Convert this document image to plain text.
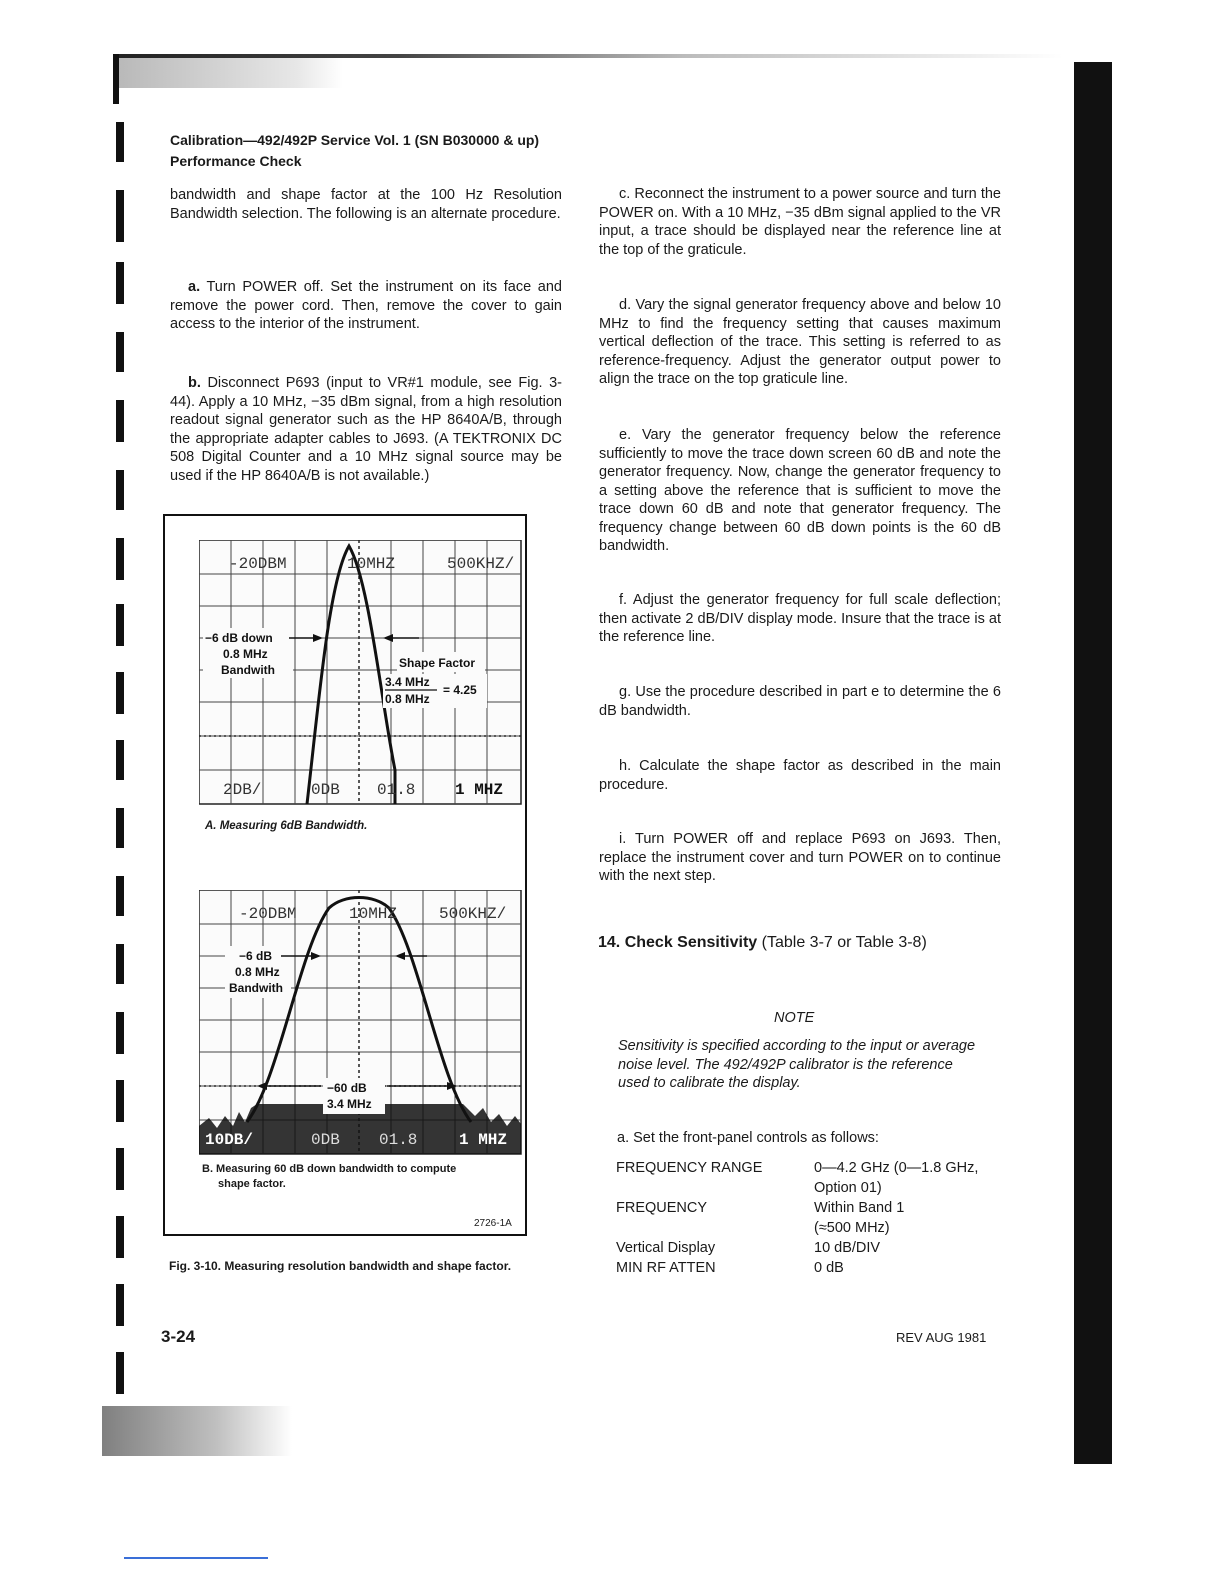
Calibration—492/492P Service Vol. 1 (SN B030000 & up)
Performance Check
bandwidth and shape factor at the 100 Hz Resolution Bandwidth selection. The following is an alternate procedure.
a. Turn POWER off. Set the instrument on its face and remove the power cord. Then, remove the cover to gain access to the interior of the instrument.
b. Disconnect P693 (input to VR#1 module, see Fig. 3-44). Apply a 10 MHz, −35 dBm signal, from a high resolution readout signal generator such as the HP 8640A/B, through the appropriate adapter cables to J693. (A TEKTRONIX DC 508 Digital Counter and a 10 MHz signal source may be used if the HP 8640A/B is not available.)
-20DBM	10MHZ	500KHZ/
2DB/	0DB 01.8 1 MHZ
−6 dB down
0.8 MHz
Bandwith	Shape Factor
3.4 MHz
0.8 MHz
= 4.25
A. Measuring 6dB Bandwidth.
-20DBM	10MHZ	500KHZ/
10DB/	0DB 01.8	1 MHZ
−6 dB
0.8 MHz
Bandwith
−60 dB
3.4 MHz
B. Measuring 60 dB down bandwidth to compute
shape factor.
2726-1A
Fig. 3-10. Measuring resolution bandwidth and shape factor.
c. Reconnect the instrument to a power source and turn the POWER on. With a 10 MHz, −35 dBm signal applied to the VR input, a trace should be displayed near the reference line at the top of the graticule.
d. Vary the signal generator frequency above and below 10 MHz to find the frequency setting that causes maximum vertical deflection of the trace. This setting is referred to as reference-frequency. Adjust the generator output power to align the trace on the top graticule line.
e. Vary the generator frequency below the reference sufficiently to move the trace down screen 60 dB and note the generator frequency. Now, change the generator frequency to a setting above the reference that is sufficient to move the trace down 60 dB and note that generator frequency. The frequency change between 60 dB down points is the 60 dB bandwidth.
f. Adjust the generator frequency for full scale deflection; then activate 2 dB/DIV display mode. Insure that the trace is at the reference line.
g. Use the procedure described in part e to determine the 6 dB bandwidth.
h. Calculate the shape factor as described in the main procedure.
i. Turn POWER off and replace P693 on J693. Then, replace the instrument cover and turn POWER on to continue with the next step.
14. Check Sensitivity (Table 3-7 or Table 3-8)
NOTE
Sensitivity is specified according to the input or average noise level. The 492/492P calibrator is the reference used to calibrate the display.
a. Set the front-panel controls as follows:
FREQUENCY RANGE	0—4.2 GHz (0—1.8 GHz,
Option 01)
FREQUENCY	Within Band 1
(≈500 MHz)
Vertical Display	10 dB/DIV
MIN RF ATTEN	0 dB
3-24	REV AUG 1981
